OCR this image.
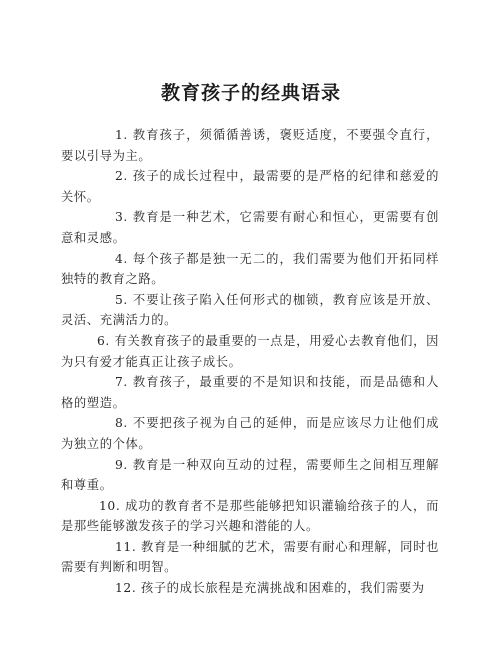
教育孩子的经典语录

1. 教育孩子，须循循善诱，褒贬适度，不要强令直行，要以引导为主。

2. 孩子的成长过程中，最需要的是严格的纪律和慈爱的关怀。

3. 教育是一种艺术，它需要有耐心和恒心，更需要有创意和灵感。

4. 每个孩子都是独一无二的，我们需要为他们开拓同样独特的教育之路。

5. 不要让孩子陷入任何形式的枷锁，教育应该是开放、灵活、充满活力的。

6. 有关教育孩子的最重要的一点是，用爱心去教育他们，因为只有爱才能真正让孩子成长。

7. 教育孩子，最重要的不是知识和技能，而是品德和人格的塑造。

8. 不要把孩子视为自己的延伸，而是应该尽力让他们成为独立的个体。

9. 教育是一种双向互动的过程，需要师生之间相互理解和尊重。

10. 成功的教育者不是那些能够把知识灌输给孩子的人，而是那些能够激发孩子的学习兴趣和潜能的人。

11. 教育是一种细腻的艺术，需要有耐心和理解，同时也需要有判断和明智。

12. 孩子的成长旅程是充满挑战和困难的，我们需要为
